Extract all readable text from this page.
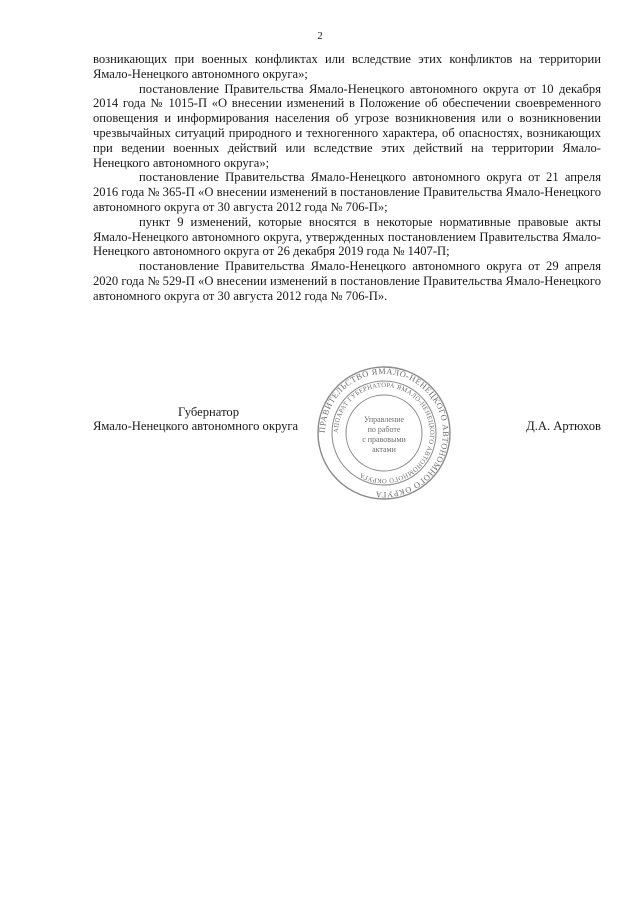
2

возникающих при военных конфликтах или вследствие этих конфликтов на территории Ямало-Ненецкого автономного округа»;

постановление Правительства Ямало-Ненецкого автономного округа от 10 декабря 2014 года № 1015-П «О внесении изменений в Положение об обеспечении своевременного оповещения и информирования населения об угрозе возникновения или о возникновении чрезвычайных ситуаций природного и техногенного характера, об опасностях, возникающих при ведении военных действий или вследствие этих действий на территории Ямало-Ненецкого автономного округа»;

постановление Правительства Ямало-Ненецкого автономного округа от 21 апреля 2016 года № 365-П «О внесении изменений в постановление Правительства Ямало-Ненецкого автономного округа от 30 августа 2012 года № 706-П»;

пункт 9 изменений, которые вносятся в некоторые нормативные правовые акты Ямало-Ненецкого автономного округа, утвержденных постановлением Правительства Ямало-Ненецкого автономного округа от 26 декабря 2019 года № 1407-П;

постановление Правительства Ямало-Ненецкого автономного округа от 29 апреля 2020 года № 529-П «О внесении изменений в постановление Правительства Ямало-Ненецкого автономного округа от 30 августа 2012 года № 706-П».

ПРАВИТЕЛЬСТВО ЯМАЛО-НЕНЕЦКОГО АВТОНОМНОГО ОКРУГА
АППАРАТ ГУБЕРНАТОРА ЯМАЛО-НЕНЕЦКОГО АВТОНОМНОГО ОКРУГА
Управление
по работе
с правовыми
актами
Губернатор
Ямало-Ненецкого автономного округа	Д.А. Артюхов
